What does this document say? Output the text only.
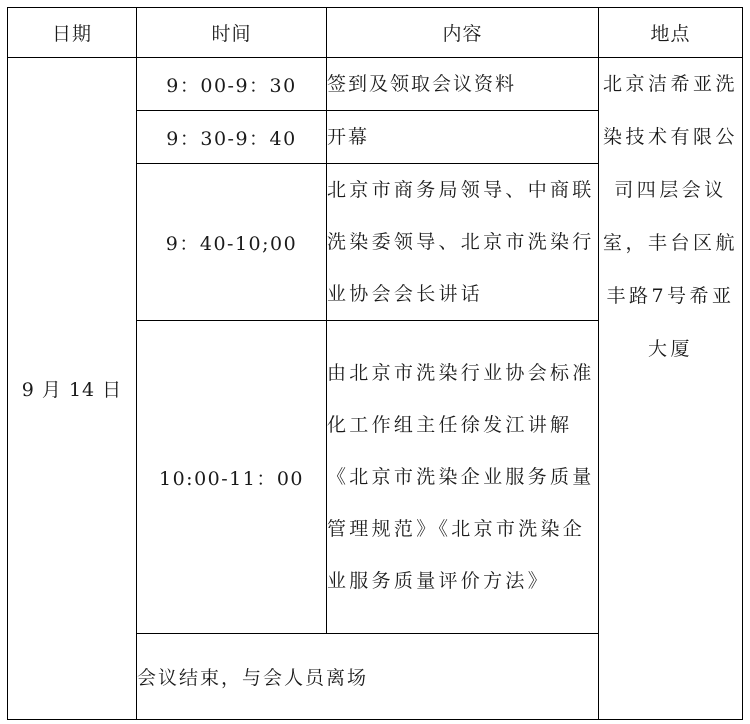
日期	时间	内容	地点
9 月 14 日	9：00-9：30	签到及领取会议资料	北京洁希亚洗染技术有限公司四层会议室，丰台区航丰路7号希亚大厦
	9：30-9：40	开幕	

	9：40-10;00	北京市商务局领导、中商联洗染委领导、北京市洗染行业协会会长讲话	

	10:00-11：00	由北京市洗染行业协会标准化工作组主任徐发江讲解《北京市洗染企业服务质量管理规范》《北京市洗染企业服务质量评价方法》	

	会议结束，与会人员离场		
